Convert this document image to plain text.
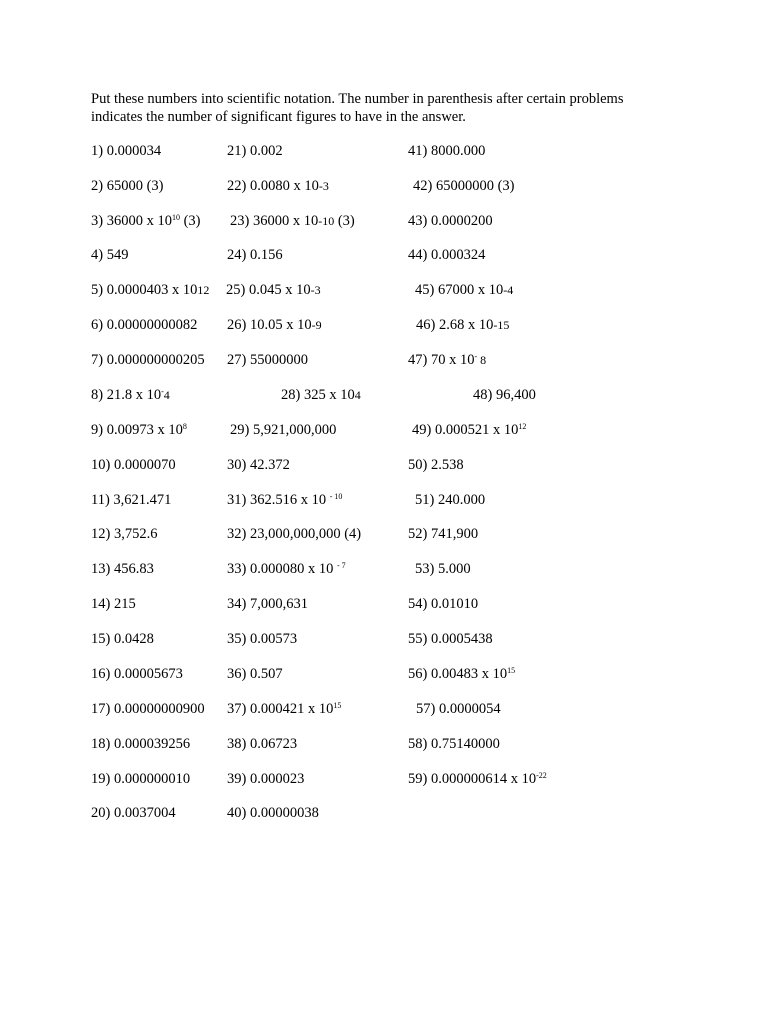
Put these numbers into scientific notation. The number in parenthesis after certain problems
indicates the number of significant figures to have in the answer.
1) 0.000034
2) 65000 (3)
3) 36000 x $10^{10}$ (3)
4) 549
5) 0.0000403 x 1012
6) 0.00000000082
7) 0.000000000205
8) 21.8 x 10-4
9) 0.00973 x $10^8$
10) 0.0000070
11) 3,621.471
12) 3,752.6
13) 456.83
14) 215
15) 0.0428
16) 0.00005673
17) 0.00000000900
18) 0.000039256
19) 0.000000010
20) 0.0037004
21) 0.002
22) 0.0080 x 10-3
23) 36000 x 10-10 (3)
24) 0.156
25) 0.045 x 10-3
26) 10.05 x 10-9
27) 55000000
28) 325 x 104
29) 5,921,000,000
30) 42.372
31) 362.516 x 10 $^{- 10}$
32) 23,000,000,000 (4)
33) 0.000080 x 10 $^{- 7}$
34) 7,000,631
35) 0.00573
36) 0.507
37) 0.000421 x $10^{15}$
38) 0.06723
39) 0.000023
40) 0.00000038
41) 8000.000
42) 65000000 (3)
43) 0.0000200
44) 0.000324
45) 67000 x 10-4
46) 2.68 x 10-15
47) 70 x 10- 8
48) 96,400
49) 0.000521 x $10^{12}$
50) 2.538
51) 240.000
52) 741,900
53) 5.000
54) 0.01010
55) 0.0005438
56) 0.00483 x $10^{15}$
57) 0.0000054
58) 0.75140000
59) 0.000000614 x $10^{-22}$
